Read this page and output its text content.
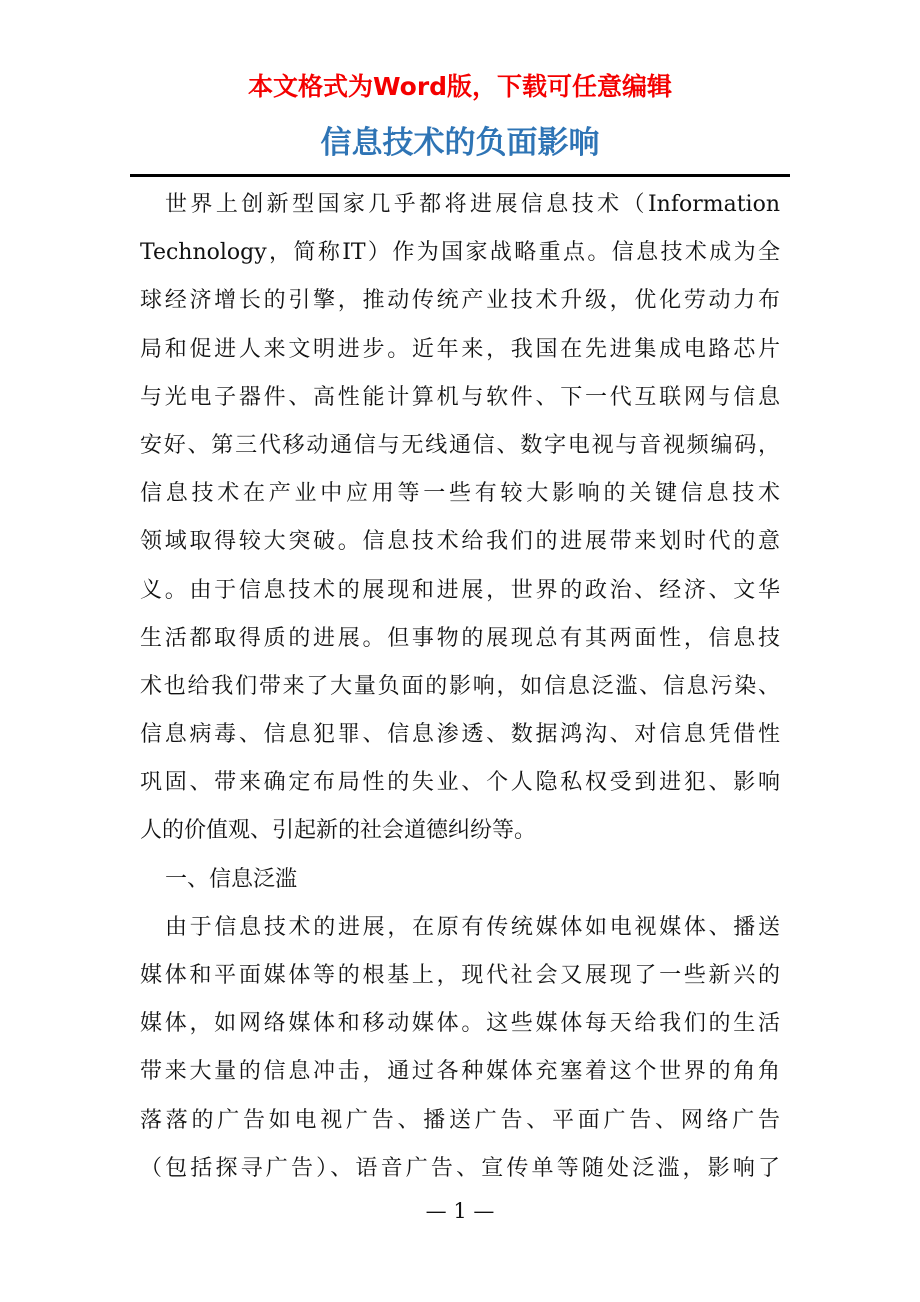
本文格式为Word版，下载可任意编辑
信息技术的负面影响
世界上创新型国家几乎都将进展信息技术（Information
Technology，简称IT）作为国家战略重点。信息技术成为全
球经济增长的引擎，推动传统产业技术升级，优化劳动力布
局和促进人来文明进步。近年来，我国在先进集成电路芯片
与光电子器件、高性能计算机与软件、下一代互联网与信息
安好、第三代移动通信与无线通信、数字电视与音视频编码，
信息技术在产业中应用等一些有较大影响的关键信息技术
领域取得较大突破。信息技术给我们的进展带来划时代的意
义。由于信息技术的展现和进展，世界的政治、经济、文华
生活都取得质的进展。但事物的展现总有其两面性，信息技
术也给我们带来了大量负面的影响，如信息泛滥、信息污染、
信息病毒、信息犯罪、信息渗透、数据鸿沟、对信息凭借性
巩固、带来确定布局性的失业、个人隐私权受到进犯、影响
人的价值观、引起新的社会道德纠纷等。
一、信息泛滥
由于信息技术的进展，在原有传统媒体如电视媒体、播送
媒体和平面媒体等的根基上，现代社会又展现了一些新兴的
媒体，如网络媒体和移动媒体。这些媒体每天给我们的生活
带来大量的信息冲击，通过各种媒体充塞着这个世界的角角
落落的广告如电视广告、播送广告、平面广告、网络广告
（包括探寻广告）、语音广告、宣传单等随处泛滥，影响了
— 1 —
